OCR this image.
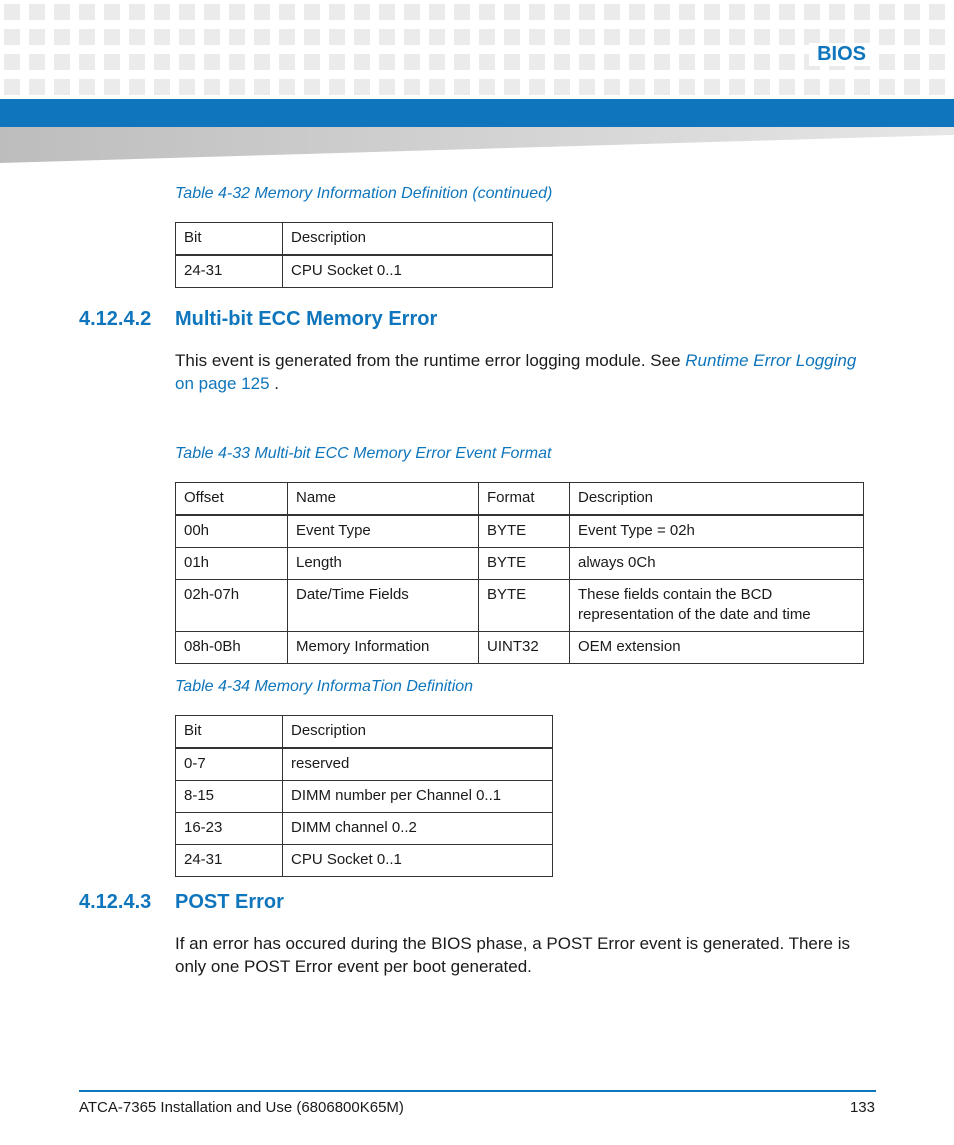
BIOS
Table 4-32 Memory Information Definition (continued)
Bit	Description
24-31	CPU Socket 0..1
4.12.4.2 Multi-bit ECC Memory Error
This event is generated from the runtime error logging module. See Runtime Error Logging on page 125 .
Table 4-33 Multi-bit ECC Memory Error Event Format
Offset	Name	Format	Description
00h	Event Type	BYTE	Event Type = 02h
01h	Length	BYTE	always 0Ch
02h-07h	Date/Time Fields	BYTE	These fields contain the BCD representation of the date and time
08h-0Bh	Memory Information	UINT32	OEM extension
Table 4-34 Memory InformaTion Definition
Bit	Description
0-7	reserved
8-15	DIMM number per Channel 0..1
16-23	DIMM channel 0..2
24-31	CPU Socket 0..1
4.12.4.3 POST Error
If an error has occured during the BIOS phase, a POST Error event is generated. There is only one POST Error event per boot generated.
ATCA-7365 Installation and Use (6806800K65M)	133
